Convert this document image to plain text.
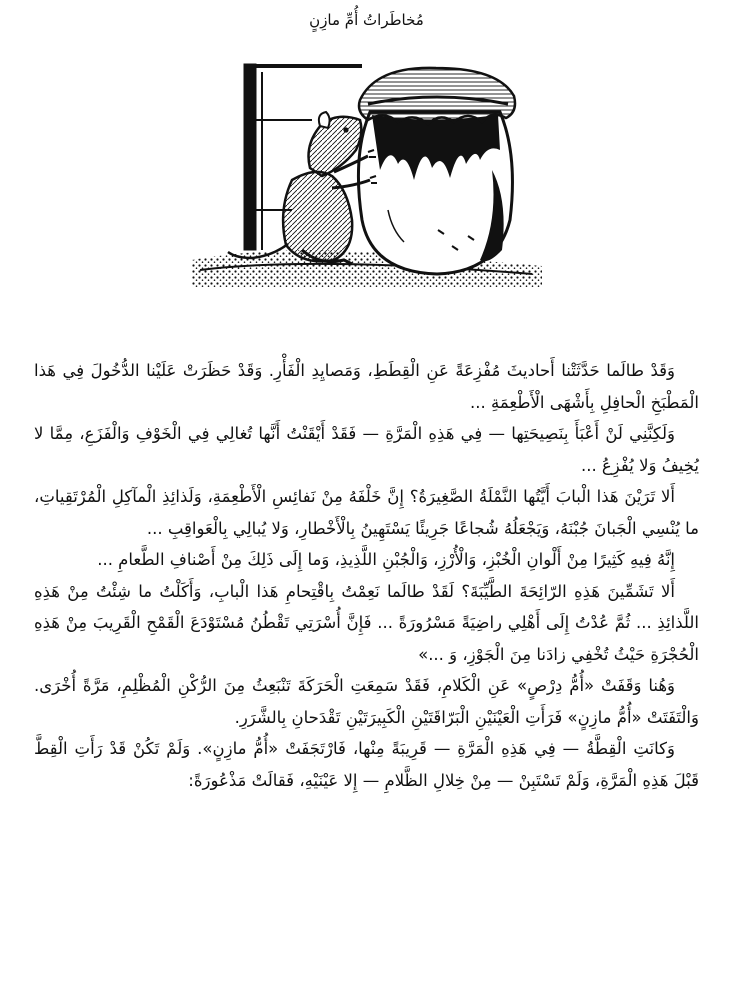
مُخاطَراتُ أُمِّ مازِنٍ

وَقَدْ طالَما حَدَّثَتْنا أَحاديثَ مُفْزِعَةً عَنِ الْقِطَطِ، وَمَصايِدِ الْفَأْرِ. وَقَدْ حَظَرَتْ عَلَيْنا الدُّخُولَ فِي هَذا الْمَطْبَخِ الْحافِلِ بِأَشْهَى الْأَطْعِمَةِ ...

وَلَكِنَّنِي لَنْ أَعْبَأَ بِنَصِيحَتِها — فِي هَذِهِ الْمَرَّةِ — فَقَدْ أَيْقَنْتُ أَنَّها تُغالِي فِي الْخَوْفِ وَالْفَزَعِ، مِمَّا لا يُخِيفُ وَلا يُفْزِعُ ...

أَلا تَرَيْنَ هَذا الْبابَ أَيَّتُها النَّمْلَةُ الصَّغِيرَةُ؟ إِنَّ خَلْفَهُ مِنْ نَفائِسِ الْأَطْعِمَةِ، وَلَذائِذِ الْمآكِلِ الْمُرْتَقِياتِ، ما يُنْسِي الْجَبانَ جُبْنَهُ، وَيَجْعَلُهُ شُجاعًا جَرِيئًا يَسْتَهِينُ بِالْأَخْطارِ، وَلا يُبالِي بِالْعَواقِبِ ...

إِنَّهُ فِيهِ كَثِيرًا مِنْ أَلْوانِ الْخُبْزِ، وَالْأُرْزِ، وَالْجُبْنِ اللَّذِيذِ، وَما إِلَى ذَلِكَ مِنْ أَصْنافِ الطَّعامِ ...

أَلا تَشَمِّينَ هَذِهِ الرّائِحَةَ الطَّيِّبَةَ؟ لَقَدْ طالَما نَعِمْتُ بِاقْتِحامِ هَذا الْبابِ، وَأَكَلْتُ ما شِئْتُ مِنْ هَذِهِ اللَّذائِذِ ... ثُمَّ عُدْتُ إِلَى أَهْلِي راضِيَةً مَسْرُورَةً ... فَإِنَّ أُسْرَتِي تَقْطُنُ مُسْتَوْدَعَ الْقَمْحِ الْقَرِيبَ مِنْ هَذِهِ الْحُجْرَةِ حَيْثُ تُخْفِي زادَنا مِنَ الْجَوْزِ، وَ ...»

وَهُنا وَقَفَتْ «أُمُّ دِرْصٍ» عَنِ الْكَلامِ، فَقَدْ سَمِعَتِ الْحَرَكَةَ تَنْبَعِثُ مِنَ الرُّكْنِ الْمُظْلِمِ، مَرَّةً أُخْرَى. وَالْتَفَتَتْ «أُمُّ مازِنٍ» فَرَأَتِ الْعَيْنَيْنِ الْبَرّاقَتَيْنِ الْكَبِيرَتَيْنِ تَقْدَحانِ بِالشَّرَرِ.

وَكانَتِ الْقِطَّةُ — فِي هَذِهِ الْمَرَّةِ — قَرِيبَةً مِنْها، فَارْتَجَفَتْ «أُمُّ مازِنٍ». وَلَمْ تَكُنْ قَدْ رَأَتِ الْقِطَّ قَبْلَ هَذِهِ الْمَرَّةِ، وَلَمْ تَسْتَبِنْ — مِنْ خِلالِ الظَّلامِ — إِلا عَيْنَيْهِ، فَقالَتْ مَذْعُورَةً:
